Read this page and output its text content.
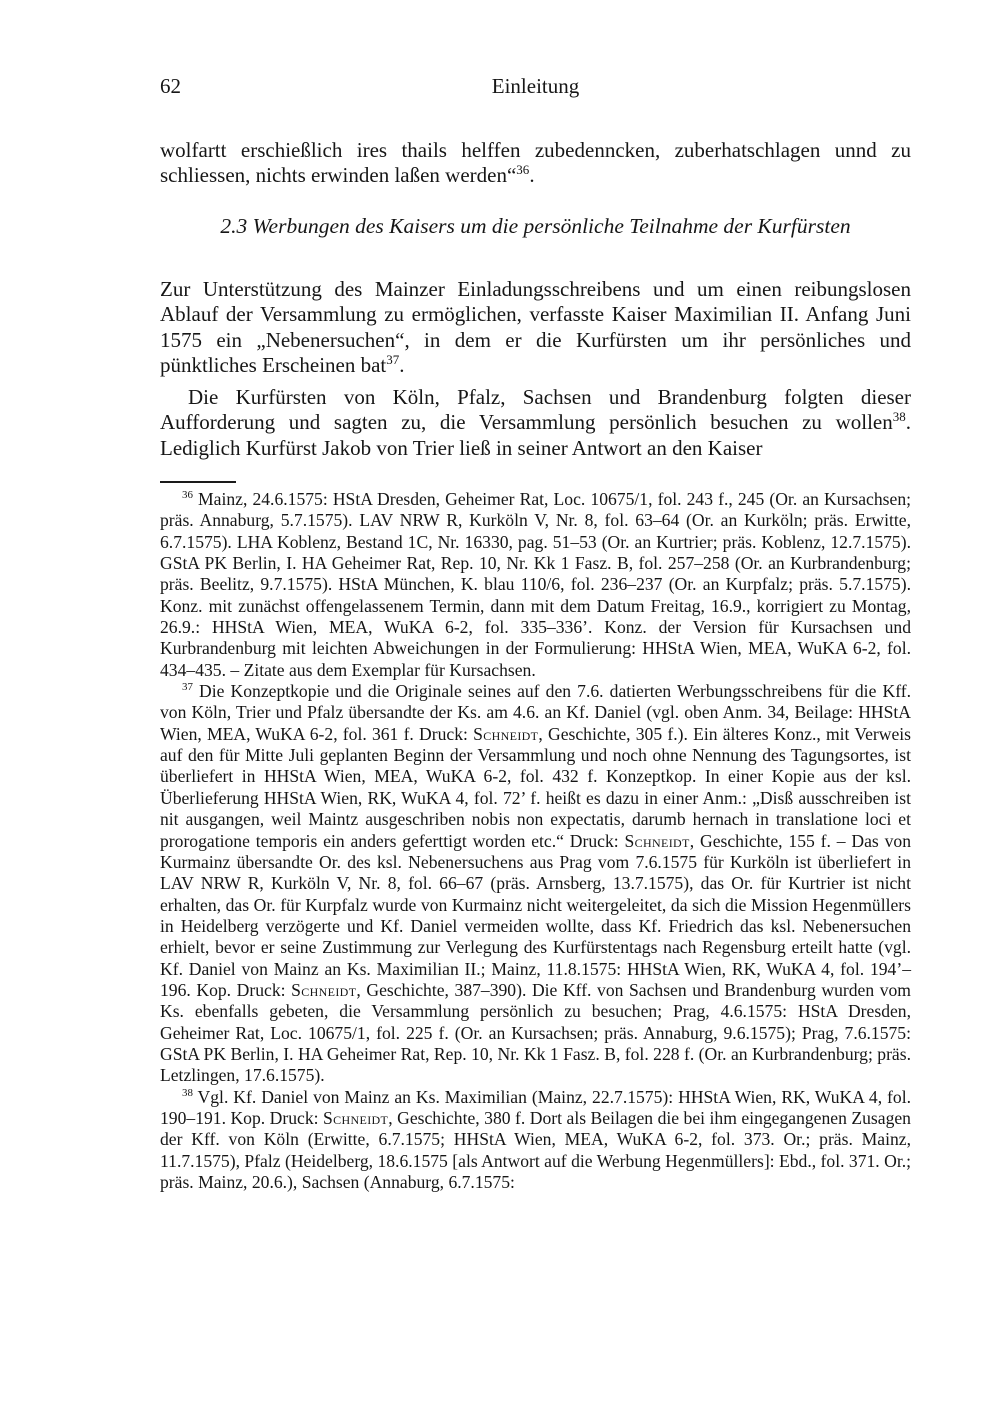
62	Einleitung

wolfartt erschießlich ires thails helffen zubedenncken, zuberhatschlagen unnd zu schliessen, nichts erwinden laßen werden“$^{36}$.

2.3 Werbungen des Kaisers um die persönliche Teilnahme der Kurfürsten

Zur Unterstützung des Mainzer Einladungsschreibens und um einen reibungslosen Ablauf der Versammlung zu ermöglichen, verfasste Kaiser Maximilian II. Anfang Juni 1575 ein „Nebenersuchen“, in dem er die Kurfürsten um ihr persönliches und pünktliches Erscheinen bat$^{37}$.

Die Kurfürsten von Köln, Pfalz, Sachsen und Brandenburg folgten dieser Aufforderung und sagten zu, die Versammlung persönlich besuchen zu wollen$^{38}$. Lediglich Kurfürst Jakob von Trier ließ in seiner Antwort an den Kaiser

$^{36}$ Mainz, 24.6.1575: HStA Dresden, Geheimer Rat, Loc. 10675/1, fol. 243 f., 245 (Or. an Kursachsen; präs. Annaburg, 5.7.1575). LAV NRW R, Kurköln V, Nr. 8, fol. 63–64 (Or. an Kurköln; präs. Erwitte, 6.7.1575). LHA Koblenz, Bestand 1C, Nr. 16330, pag. 51–53 (Or. an Kurtrier; präs. Koblenz, 12.7.1575). GStA PK Berlin, I. HA Geheimer Rat, Rep. 10, Nr. Kk 1 Fasz. B, fol. 257–258 (Or. an Kurbrandenburg; präs. Beelitz, 9.7.1575). HStA München, K. blau 110/6, fol. 236–237 (Or. an Kurpfalz; präs. 5.7.1575). Konz. mit zunächst offengelassenem Termin, dann mit dem Datum Freitag, 16.9., korrigiert zu Montag, 26.9.: HHStA Wien, MEA, WuKA 6-2, fol. 335–336’. Konz. der Version für Kursachsen und Kurbrandenburg mit leichten Abweichungen in der Formulierung: HHStA Wien, MEA, WuKA 6-2, fol. 434–435. – Zitate aus dem Exemplar für Kursachsen.

$^{37}$ Die Konzeptkopie und die Originale seines auf den 7.6. datierten Werbungsschreibens für die Kff. von Köln, Trier und Pfalz übersandte der Ks. am 4.6. an Kf. Daniel (vgl. oben Anm. 34, Beilage: HHStA Wien, MEA, WuKA 6-2, fol. 361 f. Druck: Schneidt, Geschichte, 305 f.). Ein älteres Konz., mit Verweis auf den für Mitte Juli geplanten Beginn der Versammlung und noch ohne Nennung des Tagungsortes, ist überliefert in HHStA Wien, MEA, WuKA 6-2, fol. 432 f. Konzeptkop. In einer Kopie aus der ksl. Überlieferung HHStA Wien, RK, WuKA 4, fol. 72’ f. heißt es dazu in einer Anm.: „Disß ausschreiben ist nit ausgangen, weil Maintz ausgeschriben nobis non expectatis, darumb hernach in translatione loci et prorogatione temporis ein anders geferttigt worden etc.“ Druck: Schneidt, Geschichte, 155 f. – Das von Kurmainz übersandte Or. des ksl. Nebenersuchens aus Prag vom 7.6.1575 für Kurköln ist überliefert in LAV NRW R, Kurköln V, Nr. 8, fol. 66–67 (präs. Arnsberg, 13.7.1575), das Or. für Kurtrier ist nicht erhalten, das Or. für Kurpfalz wurde von Kurmainz nicht weitergeleitet, da sich die Mission Hegenmüllers in Heidelberg verzögerte und Kf. Daniel vermeiden wollte, dass Kf. Friedrich das ksl. Nebenersuchen erhielt, bevor er seine Zustimmung zur Verlegung des Kurfürstentags nach Regensburg erteilt hatte (vgl. Kf. Daniel von Mainz an Ks. Maximilian II.; Mainz, 11.8.1575: HHStA Wien, RK, WuKA 4, fol. 194’–196. Kop. Druck: Schneidt, Geschichte, 387–390). Die Kff. von Sachsen und Brandenburg wurden vom Ks. ebenfalls gebeten, die Versammlung persönlich zu besuchen; Prag, 4.6.1575: HStA Dresden, Geheimer Rat, Loc. 10675/1, fol. 225 f. (Or. an Kursachsen; präs. Annaburg, 9.6.1575); Prag, 7.6.1575: GStA PK Berlin, I. HA Geheimer Rat, Rep. 10, Nr. Kk 1 Fasz. B, fol. 228 f. (Or. an Kurbrandenburg; präs. Letzlingen, 17.6.1575).

$^{38}$ Vgl. Kf. Daniel von Mainz an Ks. Maximilian (Mainz, 22.7.1575): HHStA Wien, RK, WuKA 4, fol. 190–191. Kop. Druck: Schneidt, Geschichte, 380 f. Dort als Beilagen die bei ihm eingegangenen Zusagen der Kff. von Köln (Erwitte, 6.7.1575; HHStA Wien, MEA, WuKA 6-2, fol. 373. Or.; präs. Mainz, 11.7.1575), Pfalz (Heidelberg, 18.6.1575 [als Antwort auf die Werbung Hegenmüllers]: Ebd., fol. 371. Or.; präs. Mainz, 20.6.), Sachsen (Annaburg, 6.7.1575:
